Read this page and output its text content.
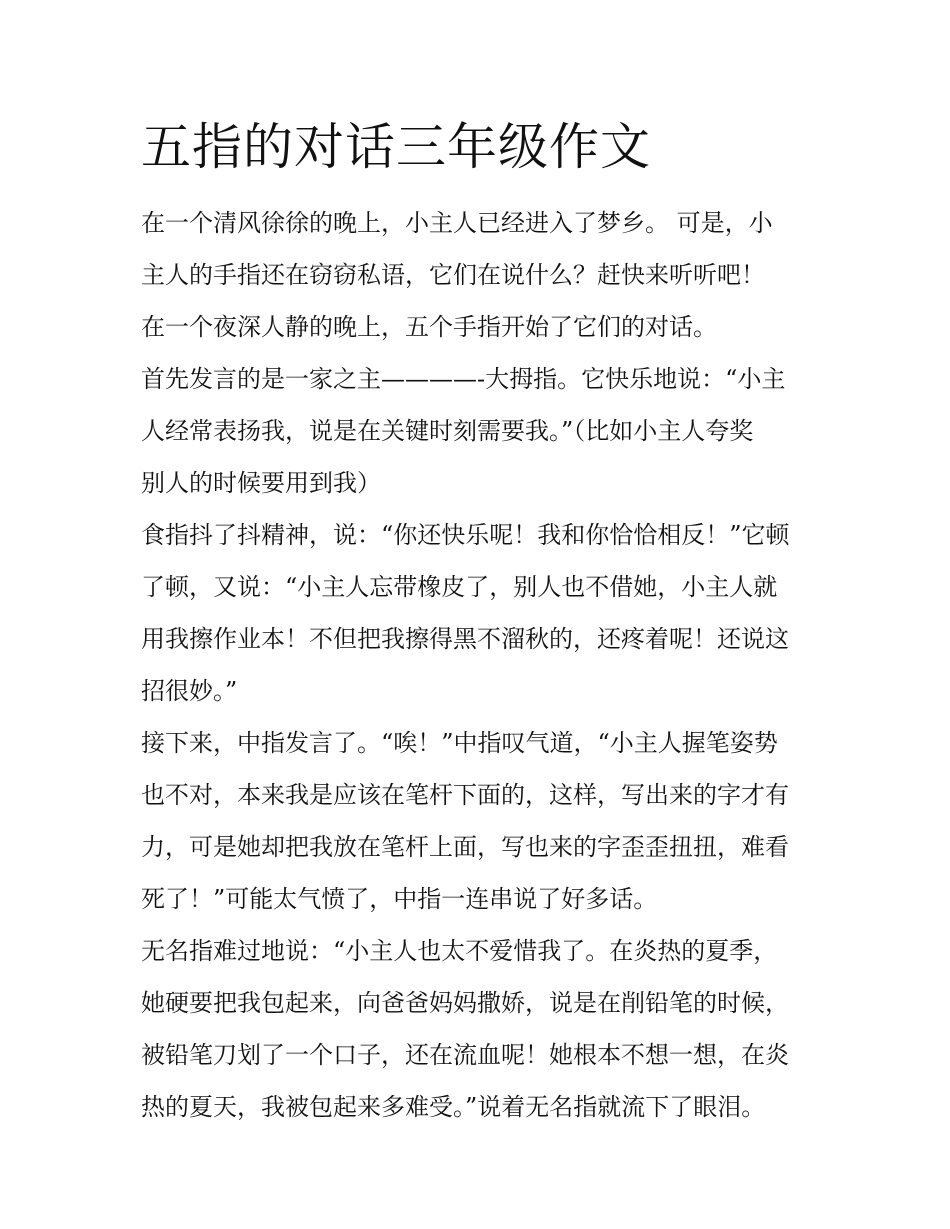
五指的对话三年级作文
在一个清风徐徐的晚上，小主人已经进入了梦乡。 可是，小
主人的手指还在窃窃私语，它们在说什么？赶快来听听吧！
在一个夜深人静的晚上，五个手指开始了它们的对话。
首先发言的是一家之主————-大拇指。它快乐地说：“小主
人经常表扬我，说是在关键时刻需要我。”（比如小主人夸奖
别人的时候要用到我）
食指抖了抖精神，说：“你还快乐呢！我和你恰恰相反！”它顿
了顿，又说：“小主人忘带橡皮了，别人也不借她，小主人就
用我擦作业本！不但把我擦得黑不溜秋的，还疼着呢！还说这
招很妙。”
接下来，中指发言了。“唉！”中指叹气道，“小主人握笔姿势
也不对，本来我是应该在笔杆下面的，这样，写出来的字才有
力，可是她却把我放在笔杆上面，写也来的字歪歪扭扭，难看
死了！”可能太气愤了，中指一连串说了好多话。
无名指难过地说：“小主人也太不爱惜我了。在炎热的夏季，
她硬要把我包起来，向爸爸妈妈撒娇，说是在削铅笔的时候，
被铅笔刀划了一个口子，还在流血呢！她根本不想一想，在炎
热的夏天，我被包起来多难受。”说着无名指就流下了眼泪。
